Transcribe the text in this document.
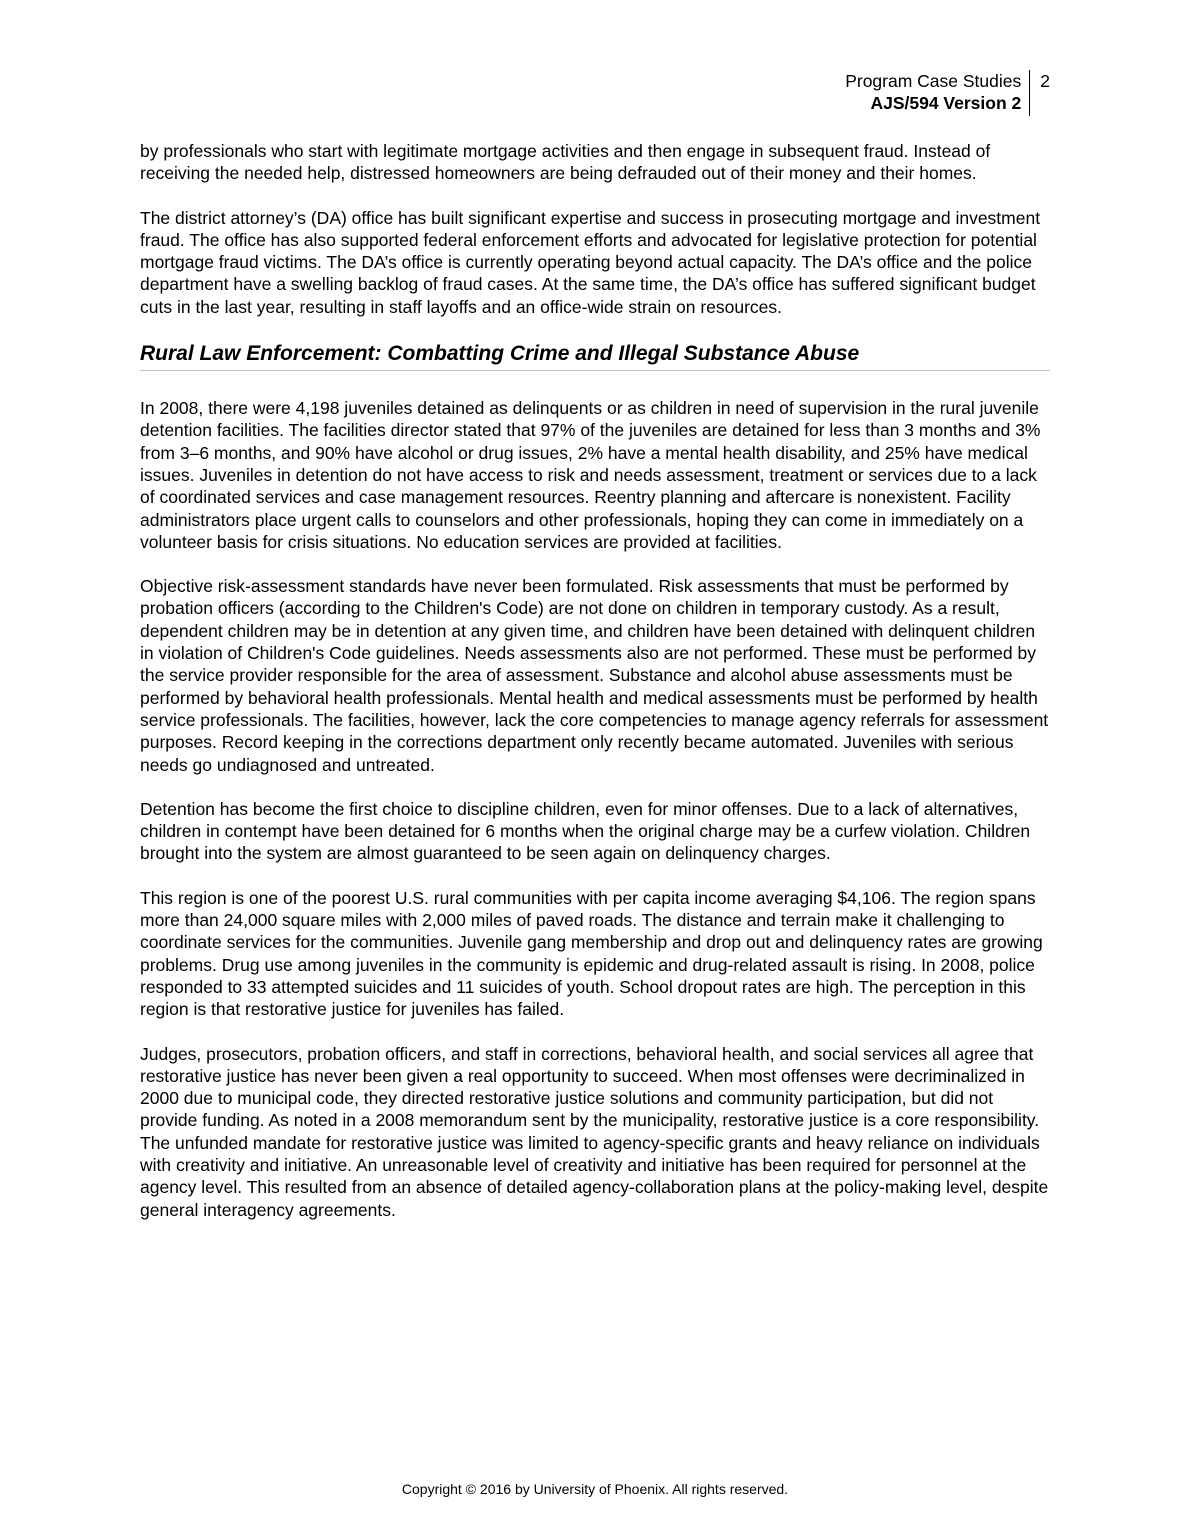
Program Case Studies
AJS/594 Version 2
2

by professionals who start with legitimate mortgage activities and then engage in subsequent fraud. Instead of receiving the needed help, distressed homeowners are being defrauded out of their money and their homes.

The district attorney’s (DA) office has built significant expertise and success in prosecuting mortgage and investment fraud. The office has also supported federal enforcement efforts and advocated for legislative protection for potential mortgage fraud victims. The DA’s office is currently operating beyond actual capacity. The DA’s office and the police department have a swelling backlog of fraud cases. At the same time, the DA’s office has suffered significant budget cuts in the last year, resulting in staff layoffs and an office-wide strain on resources.

Rural Law Enforcement: Combatting Crime and Illegal Substance Abuse

In 2008, there were 4,198 juveniles detained as delinquents or as children in need of supervision in the rural juvenile detention facilities. The facilities director stated that 97% of the juveniles are detained for less than 3 months and 3% from 3–6 months, and 90% have alcohol or drug issues, 2% have a mental health disability, and 25% have medical issues. Juveniles in detention do not have access to risk and needs assessment, treatment or services due to a lack of coordinated services and case management resources. Reentry planning and aftercare is nonexistent. Facility administrators place urgent calls to counselors and other professionals, hoping they can come in immediately on a volunteer basis for crisis situations. No education services are provided at facilities.

Objective risk-assessment standards have never been formulated. Risk assessments that must be performed by probation officers (according to the Children's Code) are not done on children in temporary custody. As a result, dependent children may be in detention at any given time, and children have been detained with delinquent children in violation of Children's Code guidelines. Needs assessments also are not performed. These must be performed by the service provider responsible for the area of assessment. Substance and alcohol abuse assessments must be performed by behavioral health professionals. Mental health and medical assessments must be performed by health service professionals. The facilities, however, lack the core competencies to manage agency referrals for assessment purposes. Record keeping in the corrections department only recently became automated. Juveniles with serious needs go undiagnosed and untreated.

Detention has become the first choice to discipline children, even for minor offenses. Due to a lack of alternatives, children in contempt have been detained for 6 months when the original charge may be a curfew violation. Children brought into the system are almost guaranteed to be seen again on delinquency charges.

This region is one of the poorest U.S. rural communities with per capita income averaging $4,106. The region spans more than 24,000 square miles with 2,000 miles of paved roads. The distance and terrain make it challenging to coordinate services for the communities. Juvenile gang membership and drop out and delinquency rates are growing problems. Drug use among juveniles in the community is epidemic and drug-related assault is rising. In 2008, police responded to 33 attempted suicides and 11 suicides of youth. School dropout rates are high. The perception in this region is that restorative justice for juveniles has failed.

Judges, prosecutors, probation officers, and staff in corrections, behavioral health, and social services all agree that restorative justice has never been given a real opportunity to succeed. When most offenses were decriminalized in 2000 due to municipal code, they directed restorative justice solutions and community participation, but did not provide funding. As noted in a 2008 memorandum sent by the municipality, restorative justice is a core responsibility. The unfunded mandate for restorative justice was limited to agency-specific grants and heavy reliance on individuals with creativity and initiative. An unreasonable level of creativity and initiative has been required for personnel at the agency level. This resulted from an absence of detailed agency-collaboration plans at the policy-making level, despite general interagency agreements.

Copyright © 2016 by University of Phoenix. All rights reserved.
